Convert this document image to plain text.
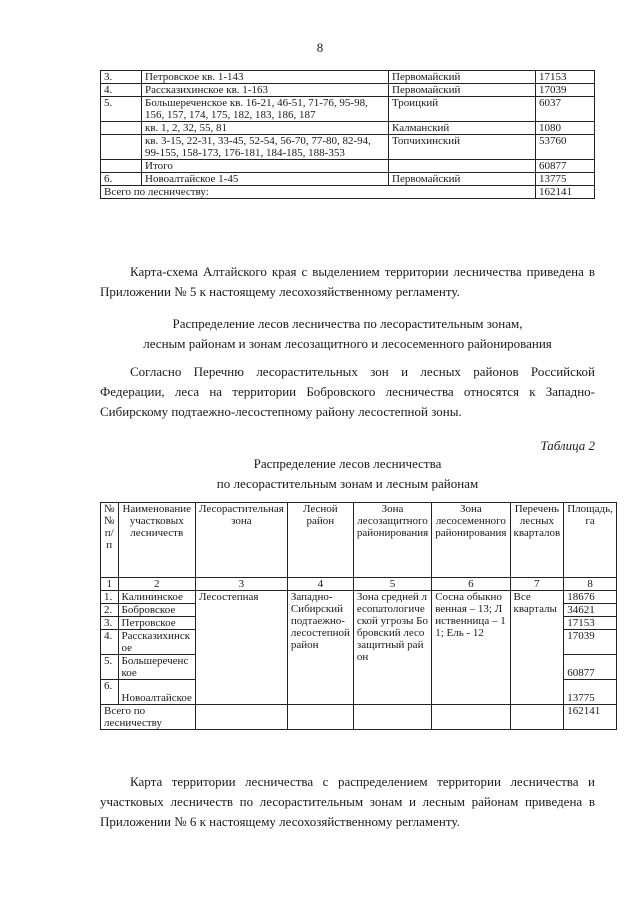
8
3.	Петровское кв. 1-143	Первомайский	17153
4.	Рассказихинское кв. 1-163	Первомайский	17039
5.	Большереченское кв. 16-21, 46-51, 71-76, 95-98, 156, 157, 174, 175, 182, 183, 186, 187	Троицкий	6037
	кв. 1, 2, 32, 55, 81	Калманский	1080
	кв. 3-15, 22-31, 33-45, 52-54, 56-70, 77-80, 82-94, 99-155, 158-173, 176-181, 184-185, 188-353	Топчихинский	53760
	Итого		60877
6.	Новоалтайское 1-45	Первомайский	13775
Всего по лесничеству:			162141
Карта-схема Алтайского края с выделением территории лесничества приведена в Приложении № 5 к настоящему лесохозяйственному регламенту.
Распределение лесов лесничества по лесорастительным зонам,
лесным районам и зонам лесозащитного и лесосеменного районирования
Согласно Перечню лесорастительных зон и лесных районов Российской Федерации, леса на территории Бобровского лесничества относятся к Западно-Сибирскому подтаежно-лесостепному району лесостепной зоны.
Таблица 2
Распределение лесов лесничества
по лесорастительным зонам и лесным районам
№№ п/п	Наименование участковых лесничеств	Лесорастительная зона	Лесной район	Зона лесозащитного районирования	Зона лесосеменного районирования	Перечень лесных кварталов	Площадь, га
1	2	3	4	5	6	7	8
1.	Калининское	Лесостепная	Западно-Сибирский подтаежно-лесостепной район	Зона средней лесопатологической угрозы Бобровский лесозащитный район	Сосна обыкновенная – 13; Лиственница – 11; Ель - 12	Все кварталы	18676
2.	Бобровское						34621
3.	Петровское						17153
4.	Рассказихинское						17039
5.	Большереченское						60877
6.	Новоалтайское						13775
Всего по лесничеству							162141
Карта территории лесничества с распределением территории лесничества и участковых лесничеств по лесорастительным зонам и лесным районам приведена в Приложении № 6 к настоящему лесохозяйственному регламенту.
